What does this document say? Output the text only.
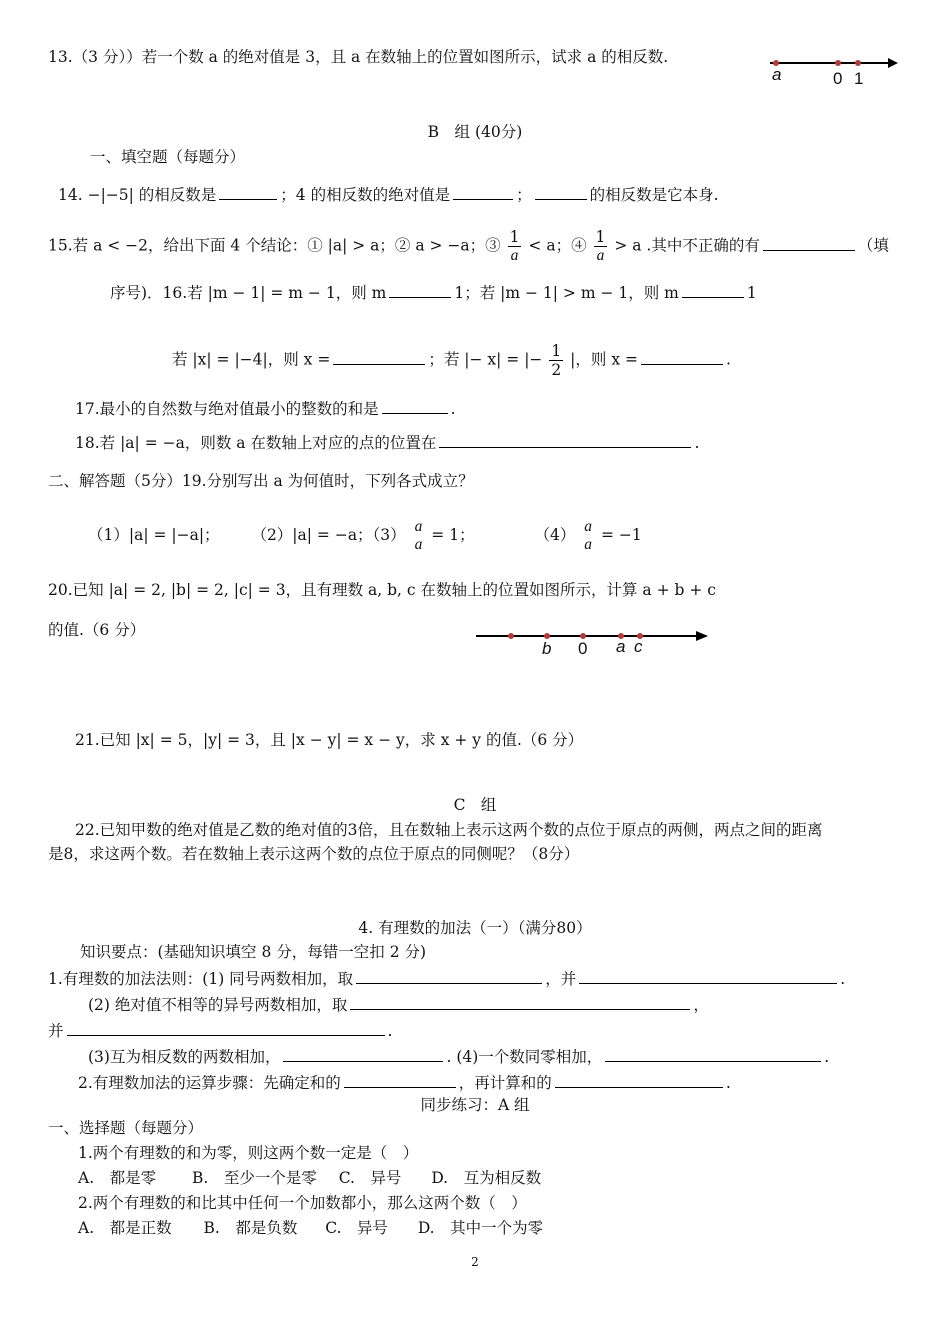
13.（3 分））若一个数 a 的绝对值是 3，且 a 在数轴上的位置如图所示，试求 a 的相反数.
a	0 1
B　组 (40分)
一、填空题（每题分）
14. −|−5| 的相反数是	；4 的相反数的绝对值是	；	的相反数是它本身.
15.若 a < −2，给出下面 4 个结论：① |a| > a；② a > −a；③ $\frac{1}{a} < a$；④ $\frac{1}{a} > a$ .其中不正确的有	（填
序号)．16.若 |m − 1| = m − 1，则 m	1；若 |m − 1| > m − 1，则 m	1
若 |x| = |−4|，则 x =	；若 |− x| = |− $\frac{1}{2}$ |，则 x =	.
17.最小的自然数与绝对值最小的整数的和是	.
18.若 |a| = −a，则数 a 在数轴上对应的点的位置在	.
二、解答题（5分）19.分别写出 a 为何值时，下列各式成立？
（1）|a| = |−a|； （2）|a| = −a；（3） a
a
= 1；	（4） a
a
= −1
20.已知 |a| = 2, |b| = 2, |c| = 3，且有理数 a, b, c 在数轴上的位置如图所示，计算 a + b + c
的值.（6 分）
b 0 a c
21.已知 |x| = 5，|y| = 3，且 |x − y| = x − y，求 x + y 的值.（6 分）
C　组
22.已知甲数的绝对值是乙数的绝对值的3倍，且在数轴上表示这两个数的点位于原点的两侧，两点之间的距离
是8，求这两个数。若在数轴上表示这两个数的点位于原点的同侧呢？（8分）
4. 有理数的加法（一）（满分80）
知识要点：(基础知识填空 8 分，每错一空扣 2 分)
1.有理数的加法法则：(1) 同号两数相加，取	，并	.
(2) 绝对值不相等的异号两数相加，取	，
并	.
(3)互为相反数的两数相加，	. (4)一个数同零相加，	.
2.有理数加法的运算步骤：先确定和的	，再计算和的	.
同步练习：A 组
一、选择题（每题分）
1.两个有理数的和为零，则这两个数一定是（　）
A.　都是零 B.　至少一个是零 C.　异号 D.　互为相反数
2.两个有理数的和比其中任何一个加数都小，那么这两个数（　）
A.　都是正数 B.　都是负数 C.　异号 D.　其中一个为零
2
